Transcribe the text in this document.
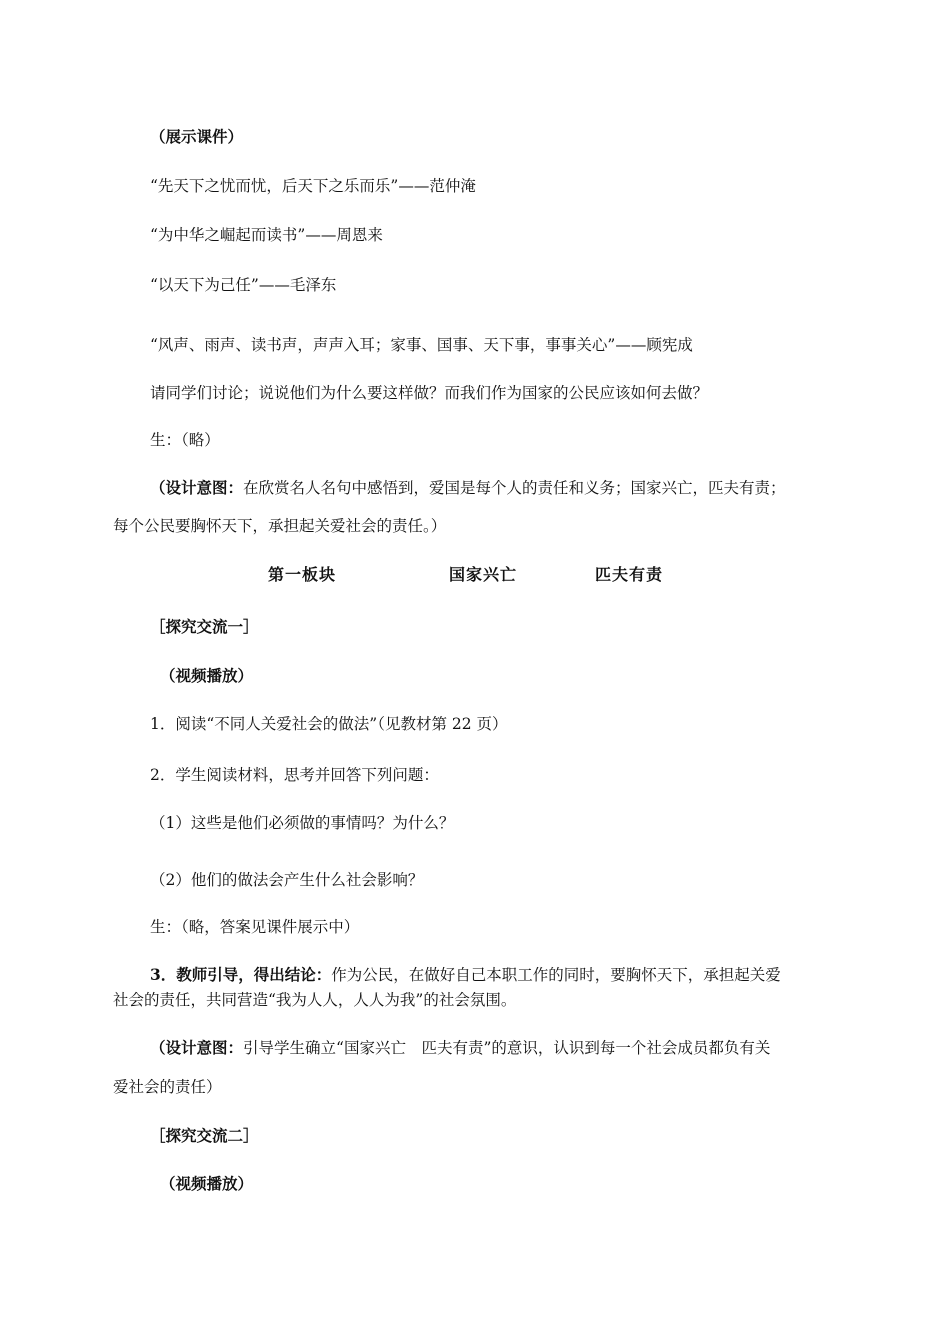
（展示课件）
“先天下之忧而忧，后天下之乐而乐”——范仲淹
“为中华之崛起而读书”——周恩来
“以天下为己任”——毛泽东
“风声、雨声、读书声，声声入耳；家事、国事、天下事，事事关心”——顾宪成
请同学们讨论；说说他们为什么要这样做？而我们作为国家的公民应该如何去做？
生：（略）
（设计意图：在欣赏名人名句中感悟到，爱国是每个人的责任和义务；国家兴亡，匹夫有责；
每个公民要胸怀天下，承担起关爱社会的责任。）
第一板块	国家兴亡	匹夫有责
［探究交流一］
（视频播放）
1．阅读“不同人关爱社会的做法”（见教材第 22 页）
2．学生阅读材料，思考并回答下列问题：
（1）这些是他们必须做的事情吗？为什么？
（2）他们的做法会产生什么社会影响？
生：（略，答案见课件展示中）
3．教师引导，得出结论：作为公民，在做好自己本职工作的同时，要胸怀天下，承担起关爱
社会的责任，共同营造“我为人人，人人为我”的社会氛围。
（设计意图：引导学生确立“国家兴亡　匹夫有责”的意识，认识到每一个社会成员都负有关
爱社会的责任）
［探究交流二］
（视频播放）
